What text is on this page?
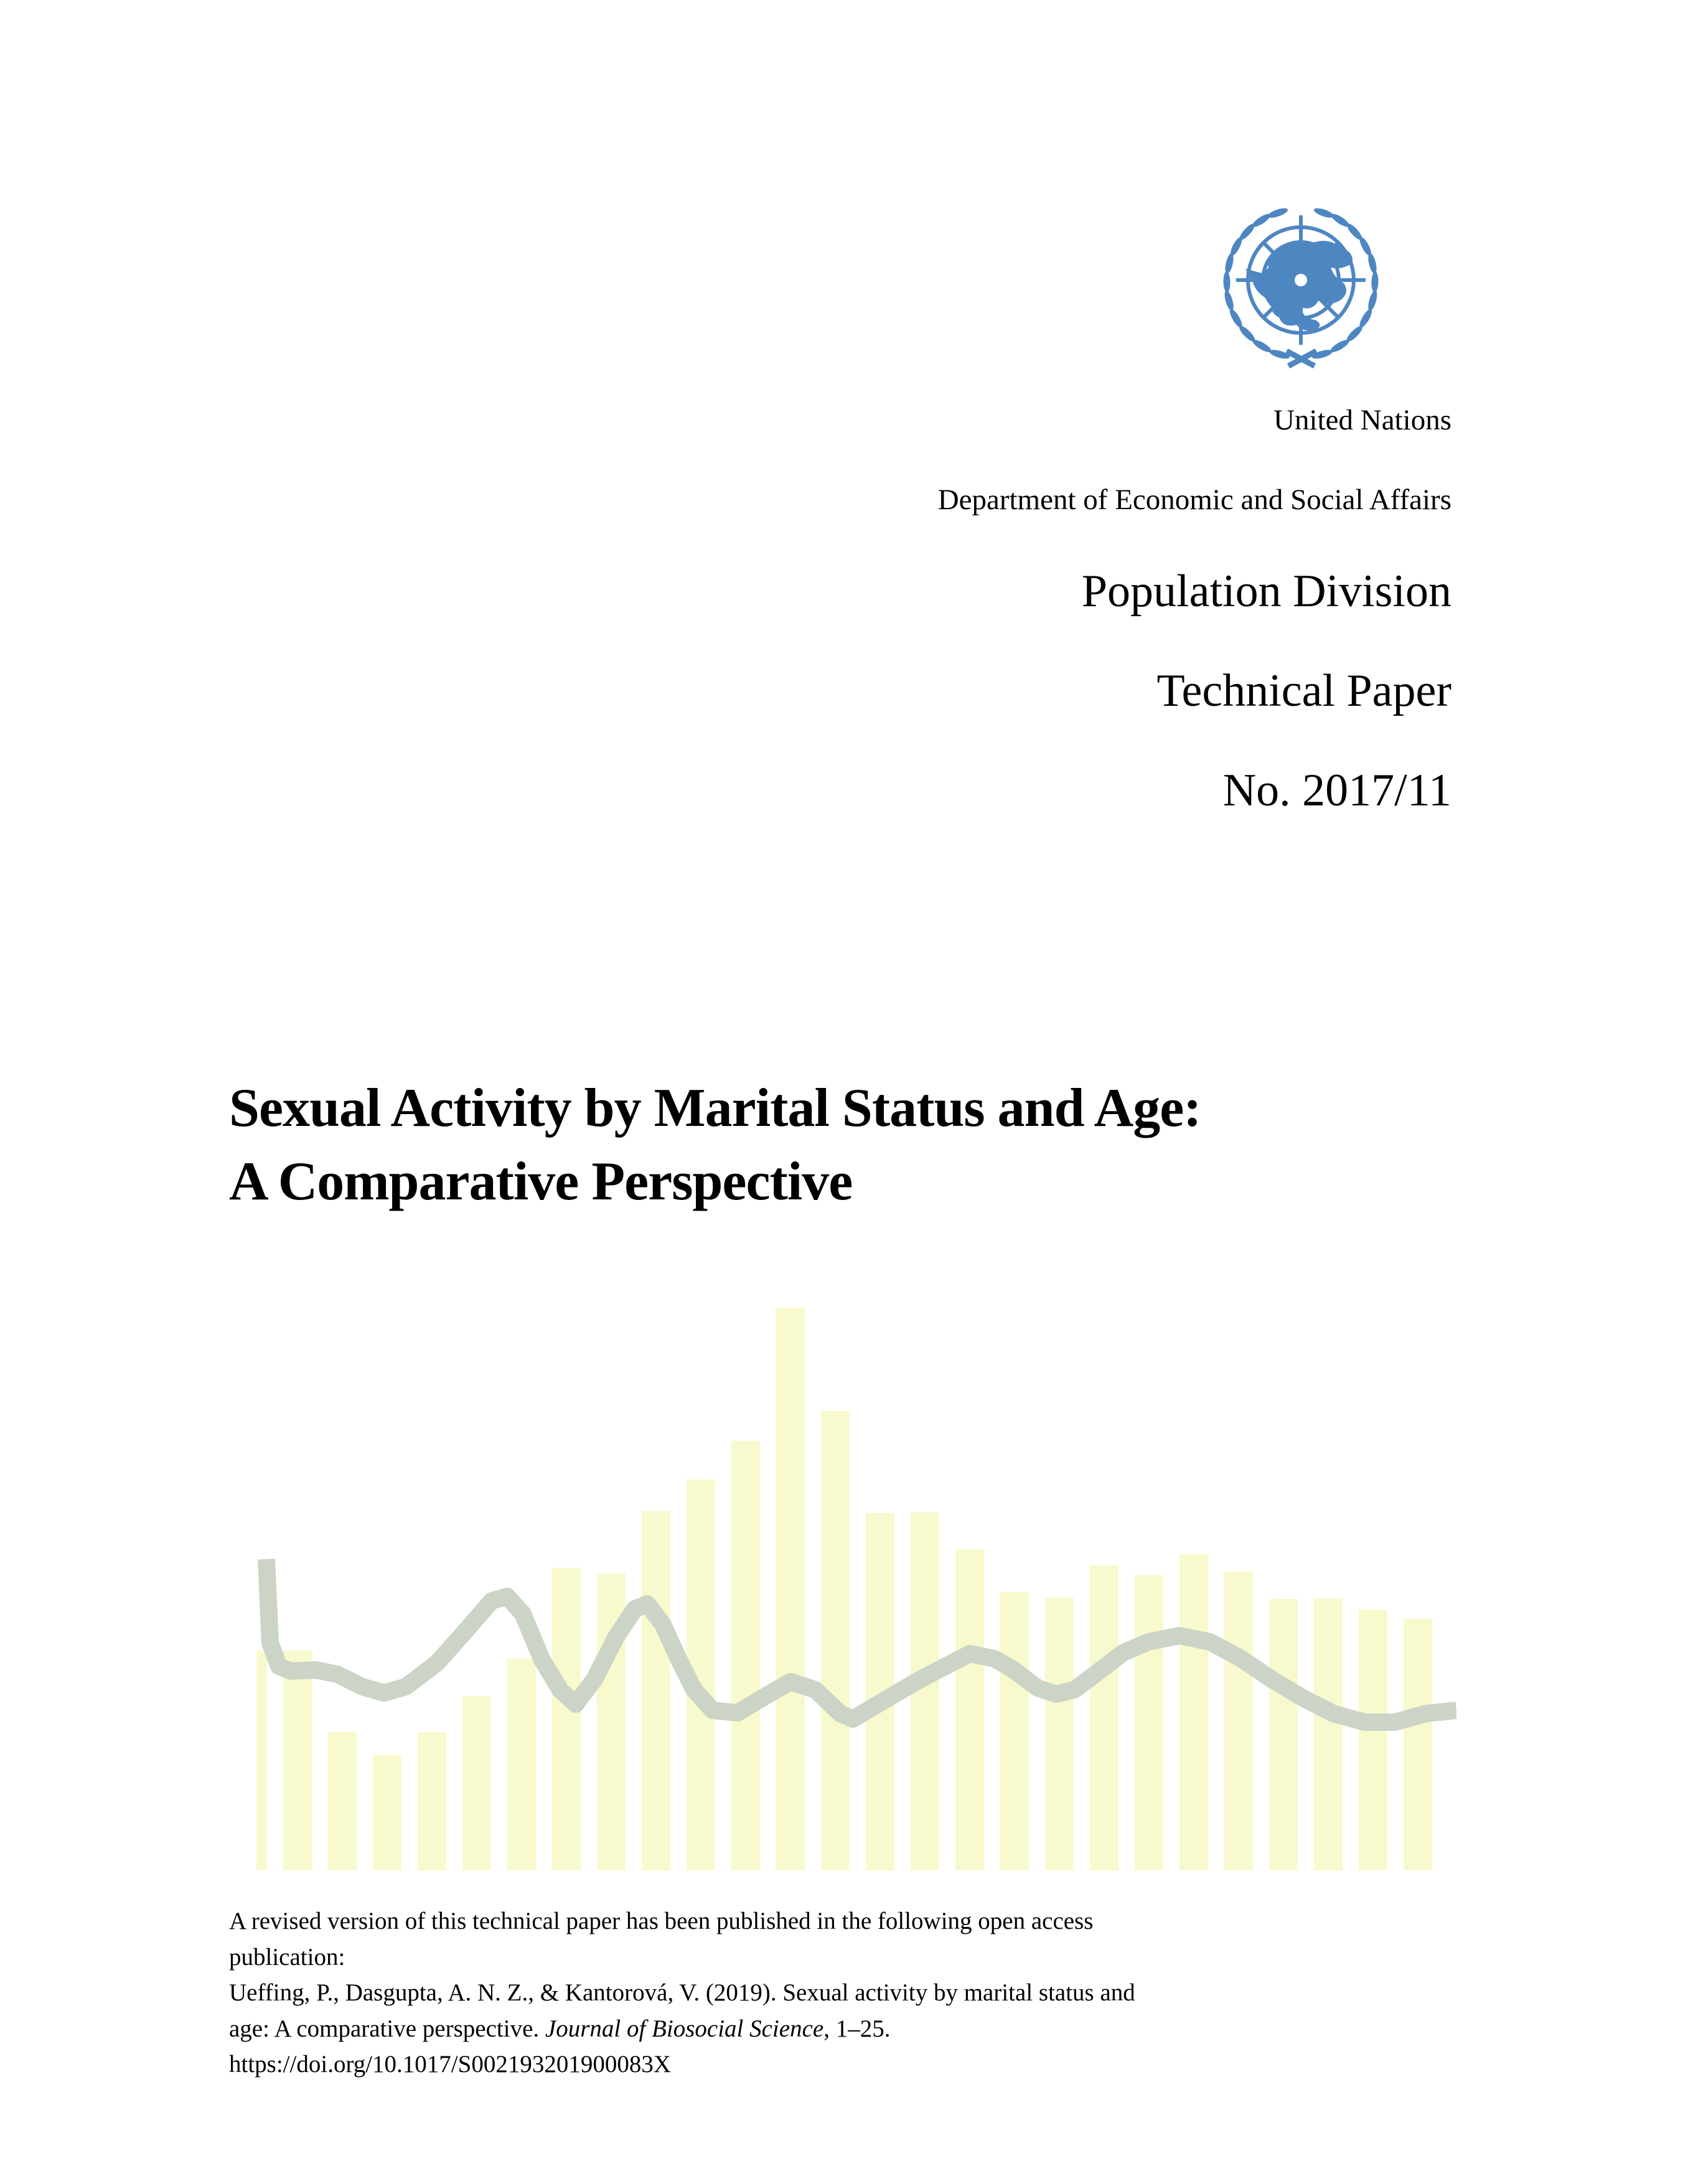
United Nations
Department of Economic and Social Affairs
Population Division
Technical Paper
No. 2017/11
Sexual Activity by Marital Status and Age:
A Comparative Perspective
A revised version of this technical paper has been published in the following open access
publication:
Ueffing, P., Dasgupta, A. N. Z., & Kantorová, V. (2019). Sexual activity by marital status and
age: A comparative perspective. Journal of Biosocial Science, 1–25.
https://doi.org/10.1017/S002193201900083X
